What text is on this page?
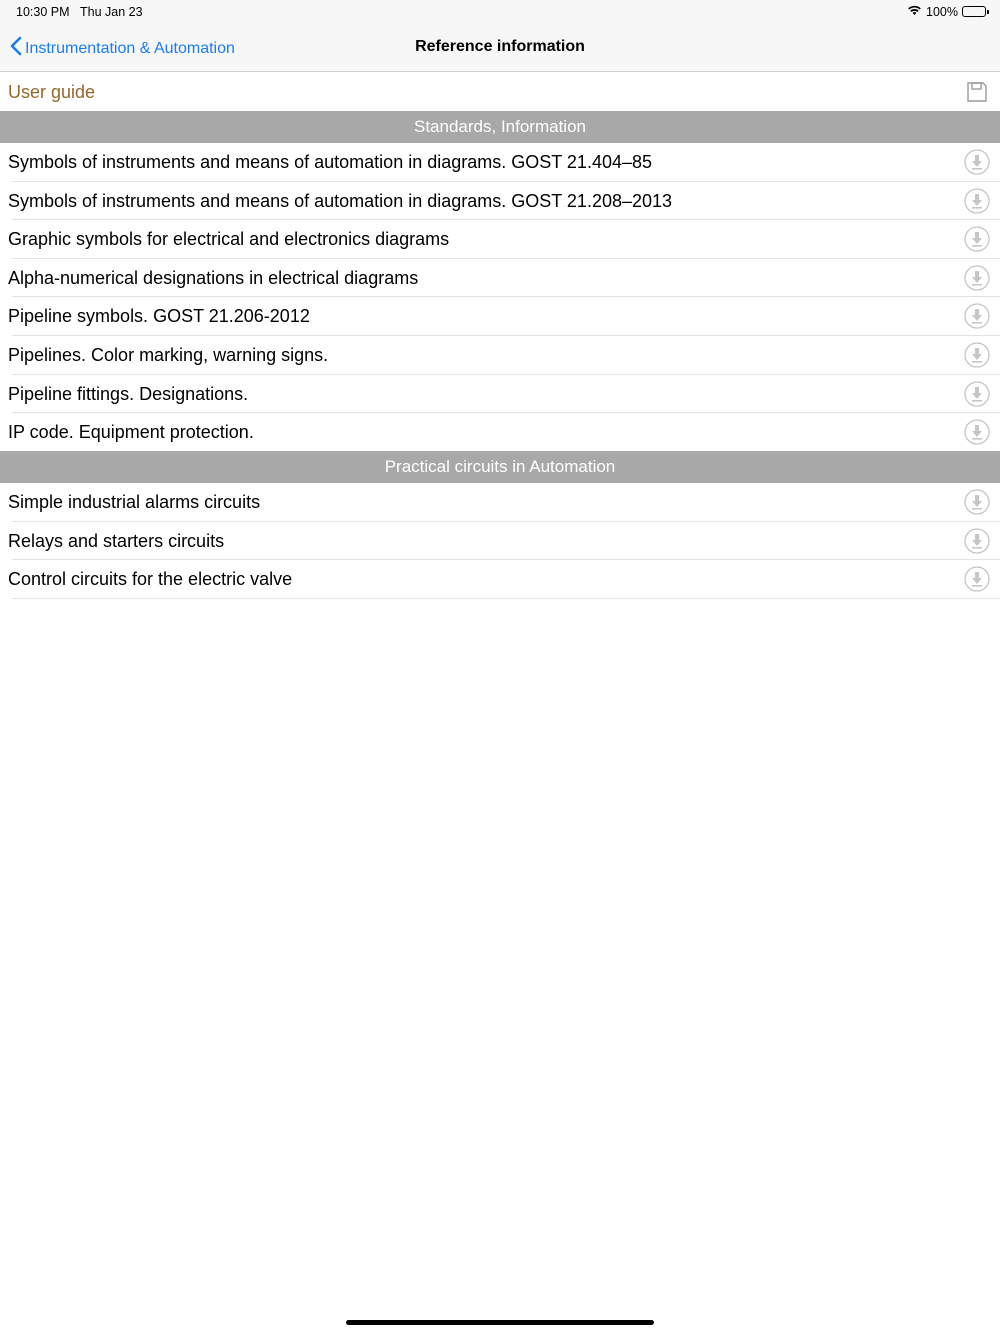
10:30 PM Thu Jan 23	100%
Instrumentation & Automation	Reference information
User guide
Standards, Information
Symbols of instruments and means of automation in diagrams. GOST 21.404–85
Symbols of instruments and means of automation in diagrams. GOST 21.208–2013
Graphic symbols for electrical and electronics diagrams
Alpha-numerical designations in electrical diagrams
Pipeline symbols. GOST 21.206-2012
Pipelines. Color marking, warning signs.
Pipeline fittings. Designations.
IP code. Equipment protection.
Practical circuits in Automation
Simple industrial alarms circuits
Relays and starters circuits
Control circuits for the electric valve
